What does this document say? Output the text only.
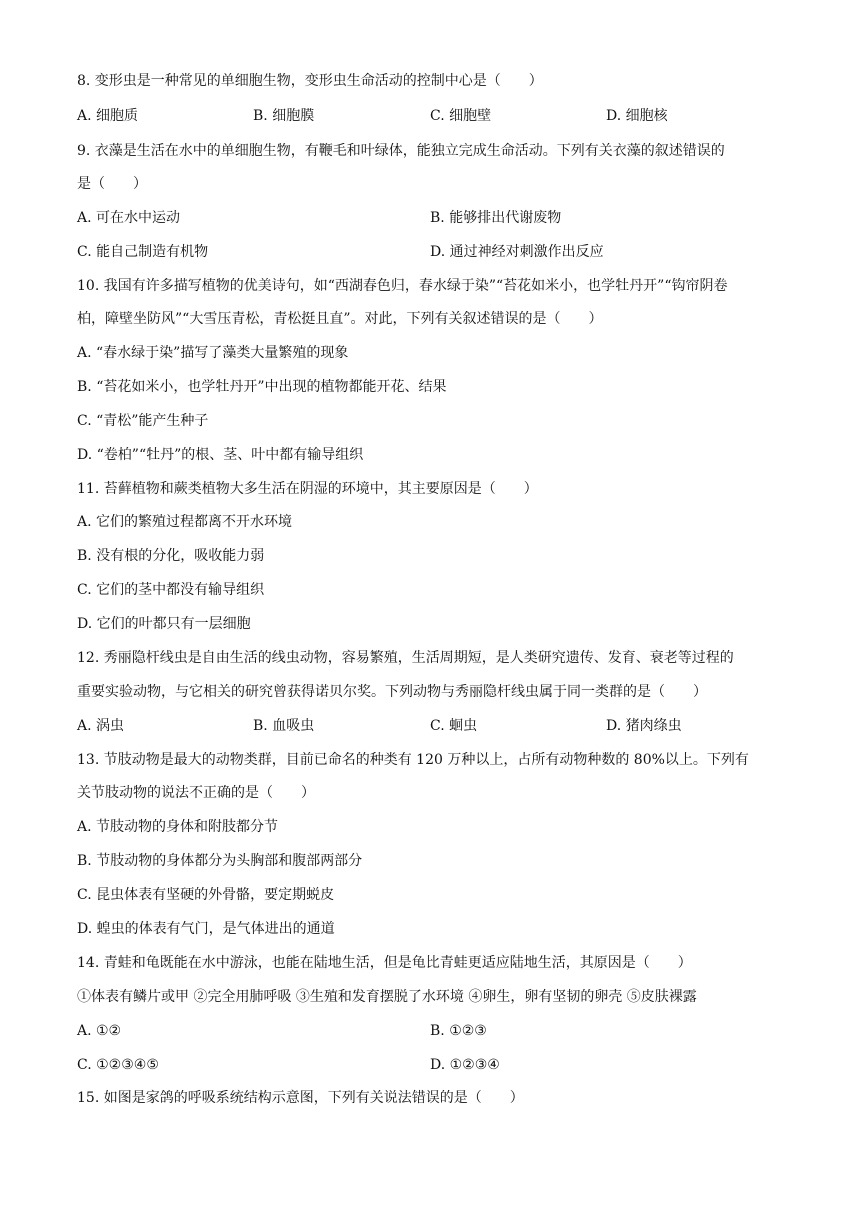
8. 变形虫是一种常见的单细胞生物，变形虫生命活动的控制中心是（　　）
A. 细胞质	B. 细胞膜	C. 细胞壁	D. 细胞核
9. 衣藻是生活在水中的单细胞生物，有鞭毛和叶绿体，能独立完成生命活动。下列有关衣藻的叙述错误的
是（　　）
A. 可在水中运动	B. 能够排出代谢废物
C. 能自己制造有机物	D. 通过神经对刺激作出反应
10. 我国有许多描写植物的优美诗句，如“西湖春色归，春水绿于染”“苔花如米小，也学牡丹开”“钩帘阴卷
柏，障壁坐防风”“大雪压青松，青松挺且直”。对此，下列有关叙述错误的是（　　）
A. “春水绿于染”描写了藻类大量繁殖的现象
B. “苔花如米小，也学牡丹开”中出现的植物都能开花、结果
C. “青松”能产生种子
D. “卷柏”“牡丹”的根、茎、叶中都有输导组织
11. 苔藓植物和蕨类植物大多生活在阴湿的环境中，其主要原因是（　　）
A. 它们的繁殖过程都离不开水环境
B. 没有根的分化，吸收能力弱
C. 它们的茎中都没有输导组织
D. 它们的叶都只有一层细胞
12. 秀丽隐杆线虫是自由生活的线虫动物，容易繁殖，生活周期短，是人类研究遗传、发育、衰老等过程的
重要实验动物，与它相关的研究曾获得诺贝尔奖。下列动物与秀丽隐杆线虫属于同一类群的是（　　）
A. 涡虫	B. 血吸虫	C. 蛔虫	D. 猪肉绦虫
13. 节肢动物是最大的动物类群，目前已命名的种类有 120 万种以上，占所有动物种数的 80%以上。下列有
关节肢动物的说法不正确的是（　　）
A. 节肢动物的身体和附肢都分节
B. 节肢动物的身体都分为头胸部和腹部两部分
C. 昆虫体表有坚硬的外骨骼，要定期蜕皮
D. 蝗虫的体表有气门，是气体进出的通道
14. 青蛙和龟既能在水中游泳，也能在陆地生活，但是龟比青蛙更适应陆地生活，其原因是（　　）
①体表有鳞片或甲 ②完全用肺呼吸 ③生殖和发育摆脱了水环境 ④卵生，卵有坚韧的卵壳 ⑤皮肤裸露
A. ①②	B. ①②③
C. ①②③④⑤	D. ①②③④
15. 如图是家鸽的呼吸系统结构示意图，下列有关说法错误的是（　　）
